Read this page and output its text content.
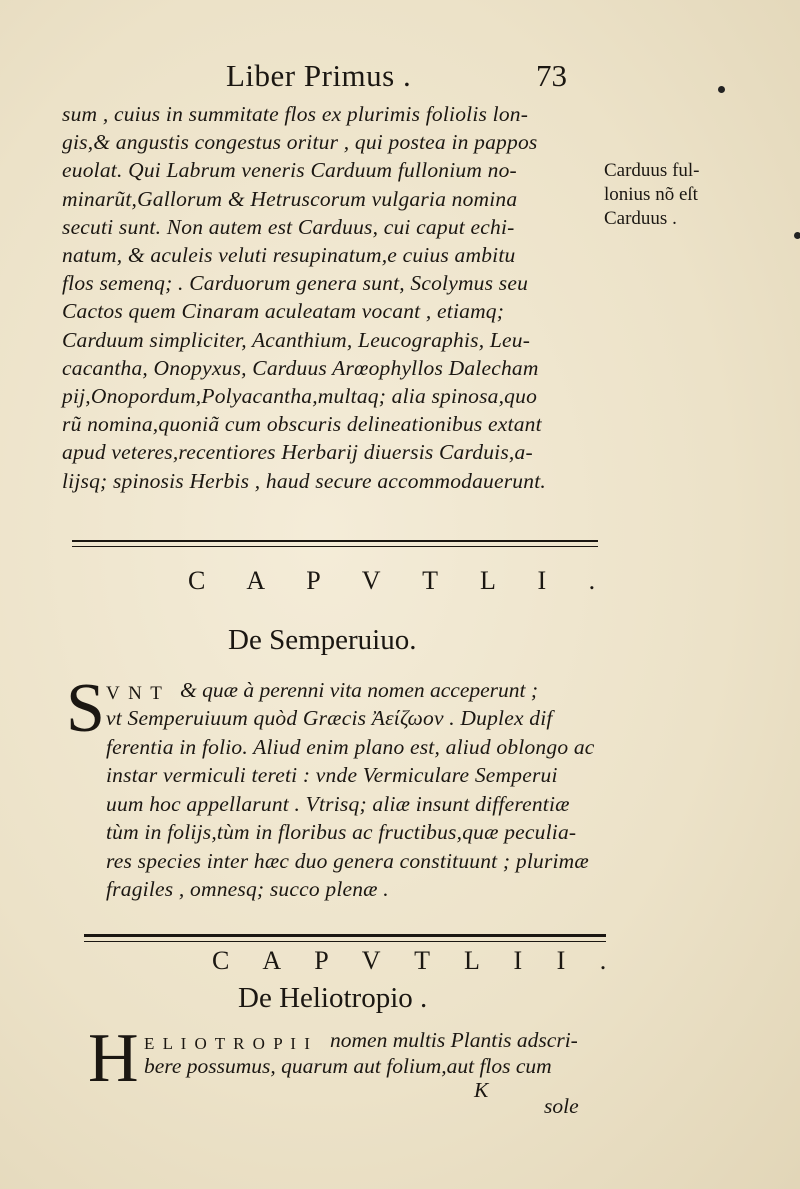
Liber Primus .	73
sum , cuius in summitate flos ex plurimis foliolis lon-
gis,& angustis congestus oritur , qui postea in pappos
euolat. Qui Labrum veneris Carduum fullonium no-
minarũt,Gallorum & Hetruscorum vulgaria nomina
secuti sunt. Non autem est Carduus, cui caput echi-
natum, & aculeis veluti resupinatum,e cuius ambitu
flos semenq; . Carduorum genera sunt, Scolymus seu
Cactos quem Cinaram aculeatam vocant , etiamq;
Carduum simpliciter, Acanthium, Leucographis, Leu-
cacantha, Onopyxus, Carduus Arœophyllos Dalecham
pij,Onopordum,Polyacantha,multaq; alia spinosa,quo
rũ nomina,quoniã cum obscuris delineationibus extant
apud veteres,recentiores Herbarij diuersis Carduis,a-
lijsq; spinosis Herbis , haud secure accommodauerunt.
Carduus ful-
lonius nõ eſt
Carduus .
C A P V T L I .
De Semperuiuo.
S V N T & quæ à perenni vita nomen acceperunt ;
vt Semperuiuum quòd Græcis Ἀείζωον . Duplex dif
ferentia in folio. Aliud enim plano est, aliud oblongo ac
instar vermiculi tereti : vnde Vermiculare Semperui
uum hoc appellarunt . Vtrisq; aliæ insunt differentiæ
tùm in folijs,tùm in floribus ac fructibus,quæ peculia-
res species inter hæc duo genera constituunt ; plurimæ
fragiles , omnesq; succo plenæ .
C A P V T L I I .
De Heliotropio .
H E L I O T R O P I I nomen multis Plantis adscri-
bere possumus, quarum aut folium,aut flos cum
K
sole
